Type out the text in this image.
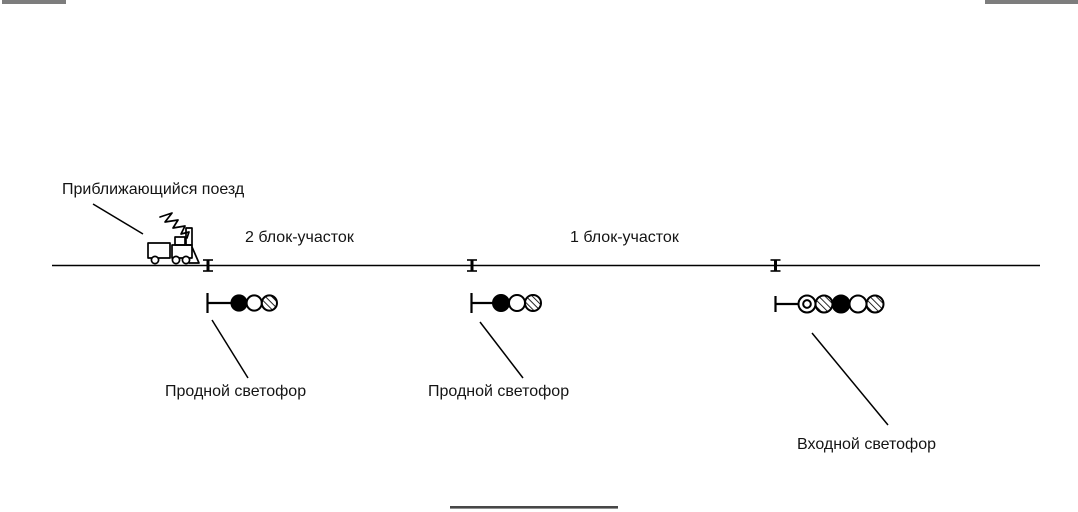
Приближающийся поезд
2 блок-участок	1 блок-участок
Продной светофор	Продной светофор
Входной светофор
